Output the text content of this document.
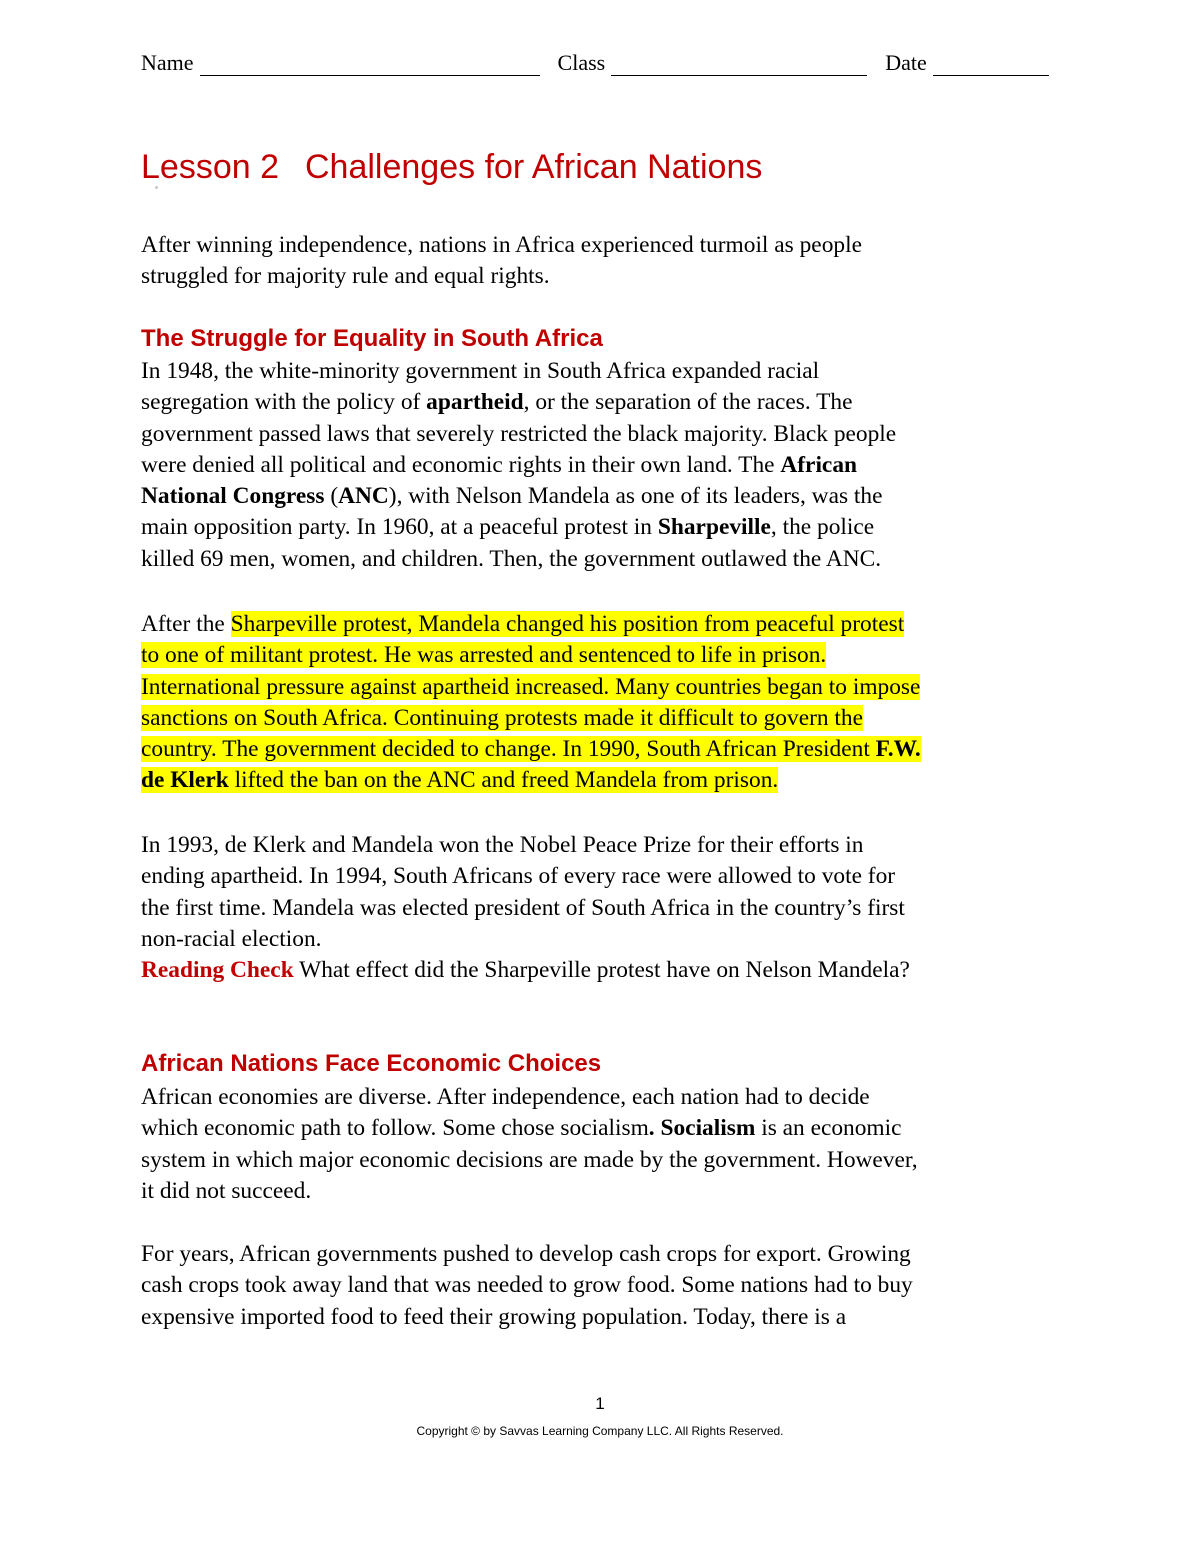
Name	Class	Date
Lesson 2 Challenges for African Nations

After winning independence, nations in Africa experienced turmoil as people
struggled for majority rule and equal rights.

The Struggle for Equality in South Africa

In 1948, the white-minority government in South Africa expanded racial
segregation with the policy of apartheid, or the separation of the races. The
government passed laws that severely restricted the black majority. Black people
were denied all political and economic rights in their own land. The African
National Congress (ANC), with Nelson Mandela as one of its leaders, was the
main opposition party. In 1960, at a peaceful protest in Sharpeville, the police
killed 69 men, women, and children. Then, the government outlawed the ANC.

After the Sharpeville protest, Mandela changed his position from peaceful protest
to one of militant protest. He was arrested and sentenced to life in prison.
International pressure against apartheid increased. Many countries began to impose
sanctions on South Africa. Continuing protests made it difficult to govern the
country. The government decided to change. In 1990, South African President F.W.
de Klerk lifted the ban on the ANC and freed Mandela from prison.

In 1993, de Klerk and Mandela won the Nobel Peace Prize for their efforts in
ending apartheid. In 1994, South Africans of every race were allowed to vote for
the first time. Mandela was elected president of South Africa in the country’s first
non-racial election.
Reading Check What effect did the Sharpeville protest have on Nelson Mandela?

African Nations Face Economic Choices

African economies are diverse. After independence, each nation had to decide
which economic path to follow. Some chose socialism. Socialism is an economic
system in which major economic decisions are made by the government. However,
it did not succeed.

For years, African governments pushed to develop cash crops for export. Growing
cash crops took away land that was needed to grow food. Some nations had to buy
expensive imported food to feed their growing population. Today, there is a

1
Copyright © by Savvas Learning Company LLC. All Rights Reserved.
